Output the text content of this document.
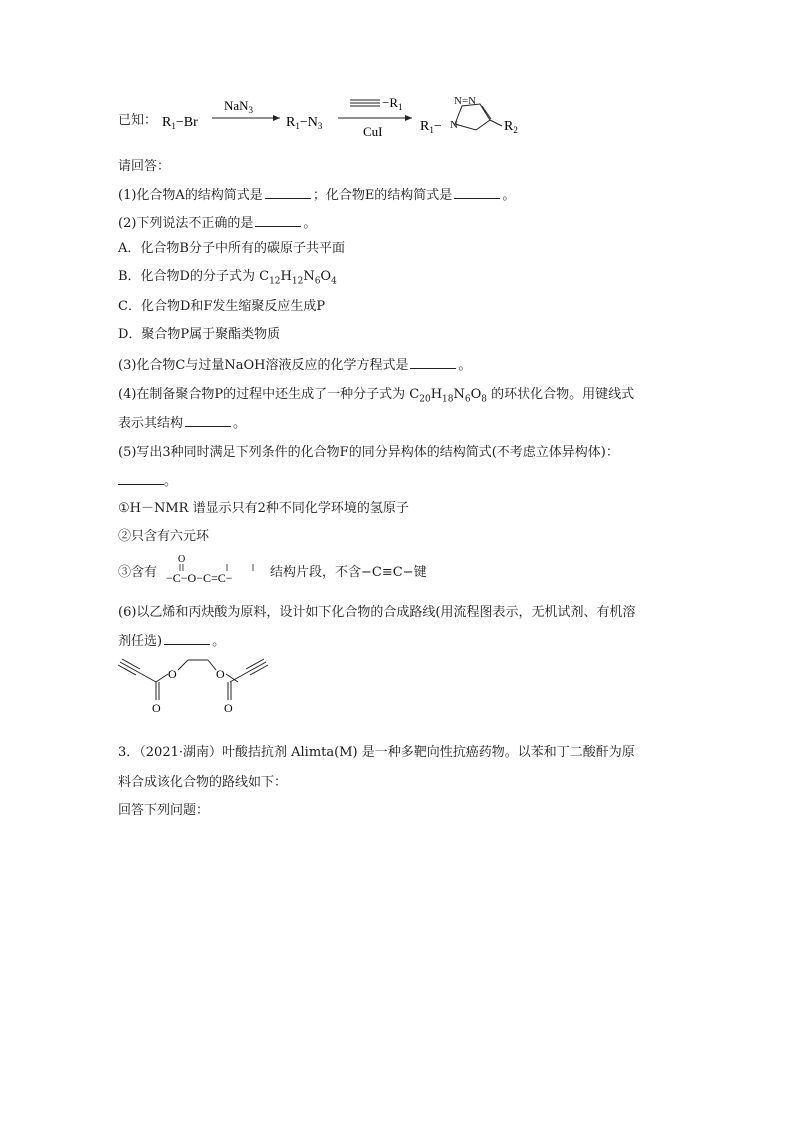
已知： $R_1-Br$
NaN$_3$
$R_1-N_3$
$-R_1$
CuI	$R_1- N$
N=N
$R_2$
请回答：
(1)化合物A的结构简式是	；化合物E的结构简式是	。
(2)下列说法不正确的是	。
A．化合物B分子中所有的碳原子共平面
B．化合物D的分子式为 $C_{12}H_{12}N_6O_4$
C．化合物D和F发生缩聚反应生成P
D．聚合物P属于聚酯类物质
(3)化合物C与过量NaOH溶液反应的化学方程式是	。
(4)在制备聚合物P的过程中还生成了一种分子式为 $C_{20}H_{18}N_6O_8$ 的环状化合物。用键线式
表示其结构	。
(5)写出3种同时满足下列条件的化合物F的同分异构体的结构简式(不考虑立体异构体)：
。
①H－NMR 谱显示只有2种不同化学环境的氢原子
②只含有六元环
③含有
O
−C−O−C=C−	结构片段，不含−C≡C−键
(6)以乙烯和丙炔酸为原料，设计如下化合物的合成路线(用流程图表示，无机试剂、有机溶
剂任选)	。
O	O
O	O
3．（2021·湖南）叶酸拮抗剂 Alimta(M) 是一种多靶向性抗癌药物。以苯和丁二酸酐为原
料合成该化合物的路线如下：
回答下列问题：
